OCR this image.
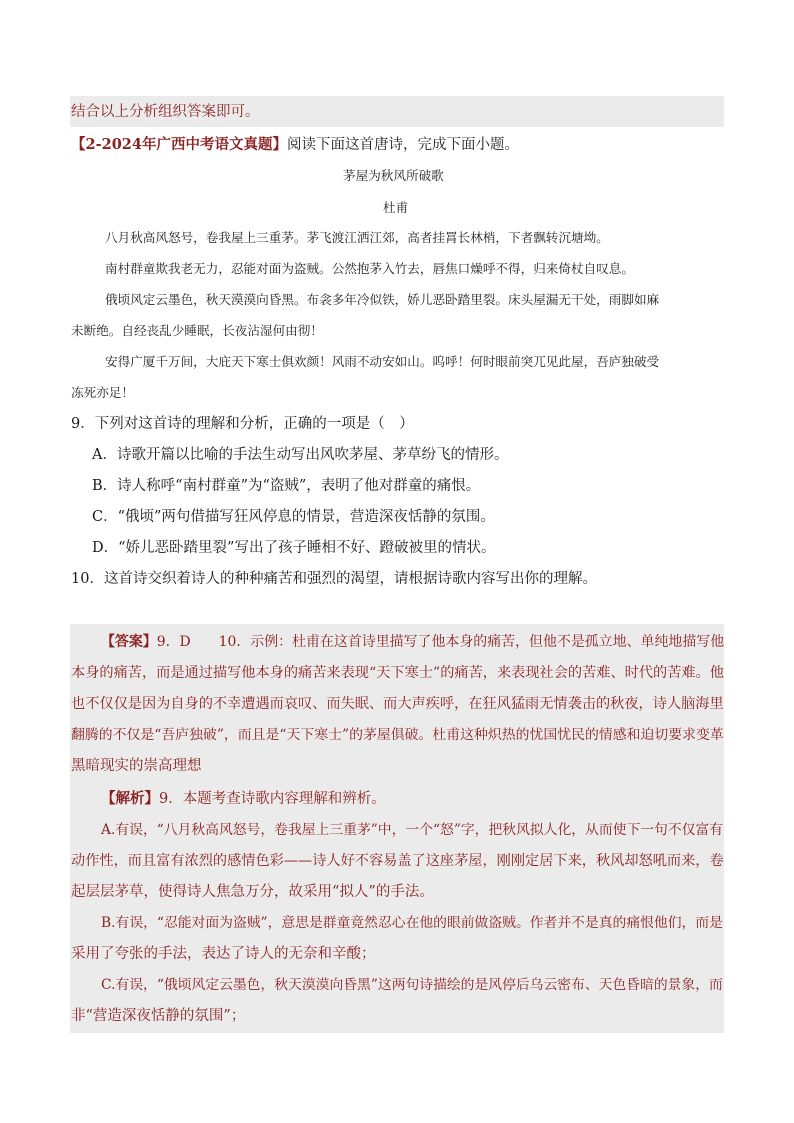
结合以上分析组织答案即可。
【2-2024年广西中考语文真题】阅读下面这首唐诗，完成下面小题。
茅屋为秋风所破歌
杜甫
八月秋高风怒号，卷我屋上三重茅。茅飞渡江洒江郊，高者挂罥长林梢，下者飘转沉塘坳。
南村群童欺我老无力，忍能对面为盗贼。公然抱茅入竹去，唇焦口燥呼不得，归来倚杖自叹息。
俄顷风定云墨色，秋天漠漠向昏黑。布衾多年冷似铁，娇儿恶卧踏里裂。床头屋漏无干处，雨脚如麻
未断绝。自经丧乱少睡眠，长夜沾湿何由彻！
安得广厦千万间，大庇天下寒士俱欢颜！风雨不动安如山。呜呼！何时眼前突兀见此屋，吾庐独破受
冻死亦足！
9．下列对这首诗的理解和分析，正确的一项是（　）
A．诗歌开篇以比喻的手法生动写出风吹茅屋、茅草纷飞的情形。
B．诗人称呼“南村群童”为“盗贼”，表明了他对群童的痛恨。
C．“俄顷”两句借描写狂风停息的情景，营造深夜恬静的氛围。
D．“娇儿恶卧踏里裂”写出了孩子睡相不好、蹬破被里的情状。
10．这首诗交织着诗人的种种痛苦和强烈的渴望，请根据诗歌内容写出你的理解。
【答案】9．D　　10．示例：杜甫在这首诗里描写了他本身的痛苦，但他不是孤立地、单纯地描写他
本身的痛苦，而是通过描写他本身的痛苦来表现“天下寒士”的痛苦，来表现社会的苦难、时代的苦难。他
也不仅仅是因为自身的不幸遭遇而哀叹、而失眠、而大声疾呼，在狂风猛雨无情袭击的秋夜，诗人脑海里
翻腾的不仅是“吾庐独破”，而且是“天下寒士”的茅屋俱破。杜甫这种炽热的忧国忧民的情感和迫切要求变革
黑暗现实的崇高理想
【解析】9．本题考查诗歌内容理解和辨析。
A.有误，“八月秋高风怒号，卷我屋上三重茅”中，一个“怒”字，把秋风拟人化，从而使下一句不仅富有
动作性，而且富有浓烈的感情色彩——诗人好不容易盖了这座茅屋，刚刚定居下来，秋风却怒吼而来，卷
起层层茅草，使得诗人焦急万分，故采用“拟人”的手法。
B.有误，“忍能对面为盗贼”，意思是群童竟然忍心在他的眼前做盗贼。作者并不是真的痛恨他们，而是
采用了夸张的手法，表达了诗人的无奈和辛酸；
C.有误，“俄顷风定云墨色，秋天漠漠向昏黑”这两句诗描绘的是风停后乌云密布、天色昏暗的景象，而
非“营造深夜恬静的氛围”；
